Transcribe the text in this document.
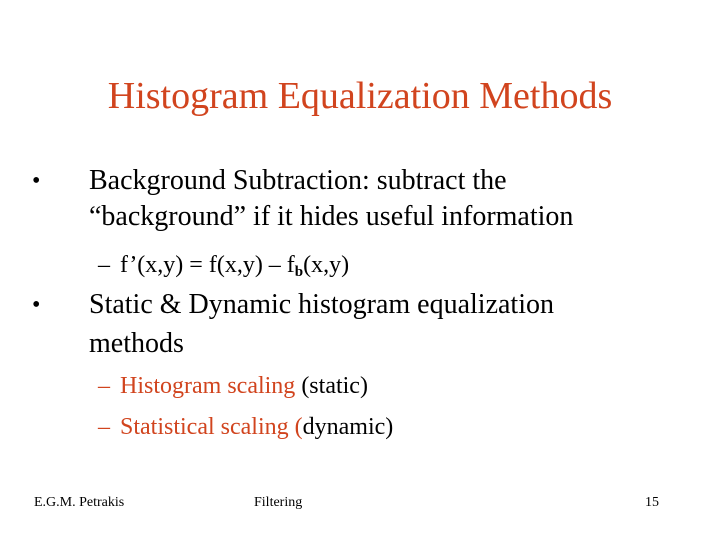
Histogram Equalization Methods
•	Background Subtraction: subtract the
“background” if it hides useful information
– f’(x,y) = $f(x,y) - f_b(x,y)$
•	Static & Dynamic histogram equalization
methods
– Histogram scaling (static)
– Statistical scaling (dynamic)
E.G.M. Petrakis	Filtering	15
